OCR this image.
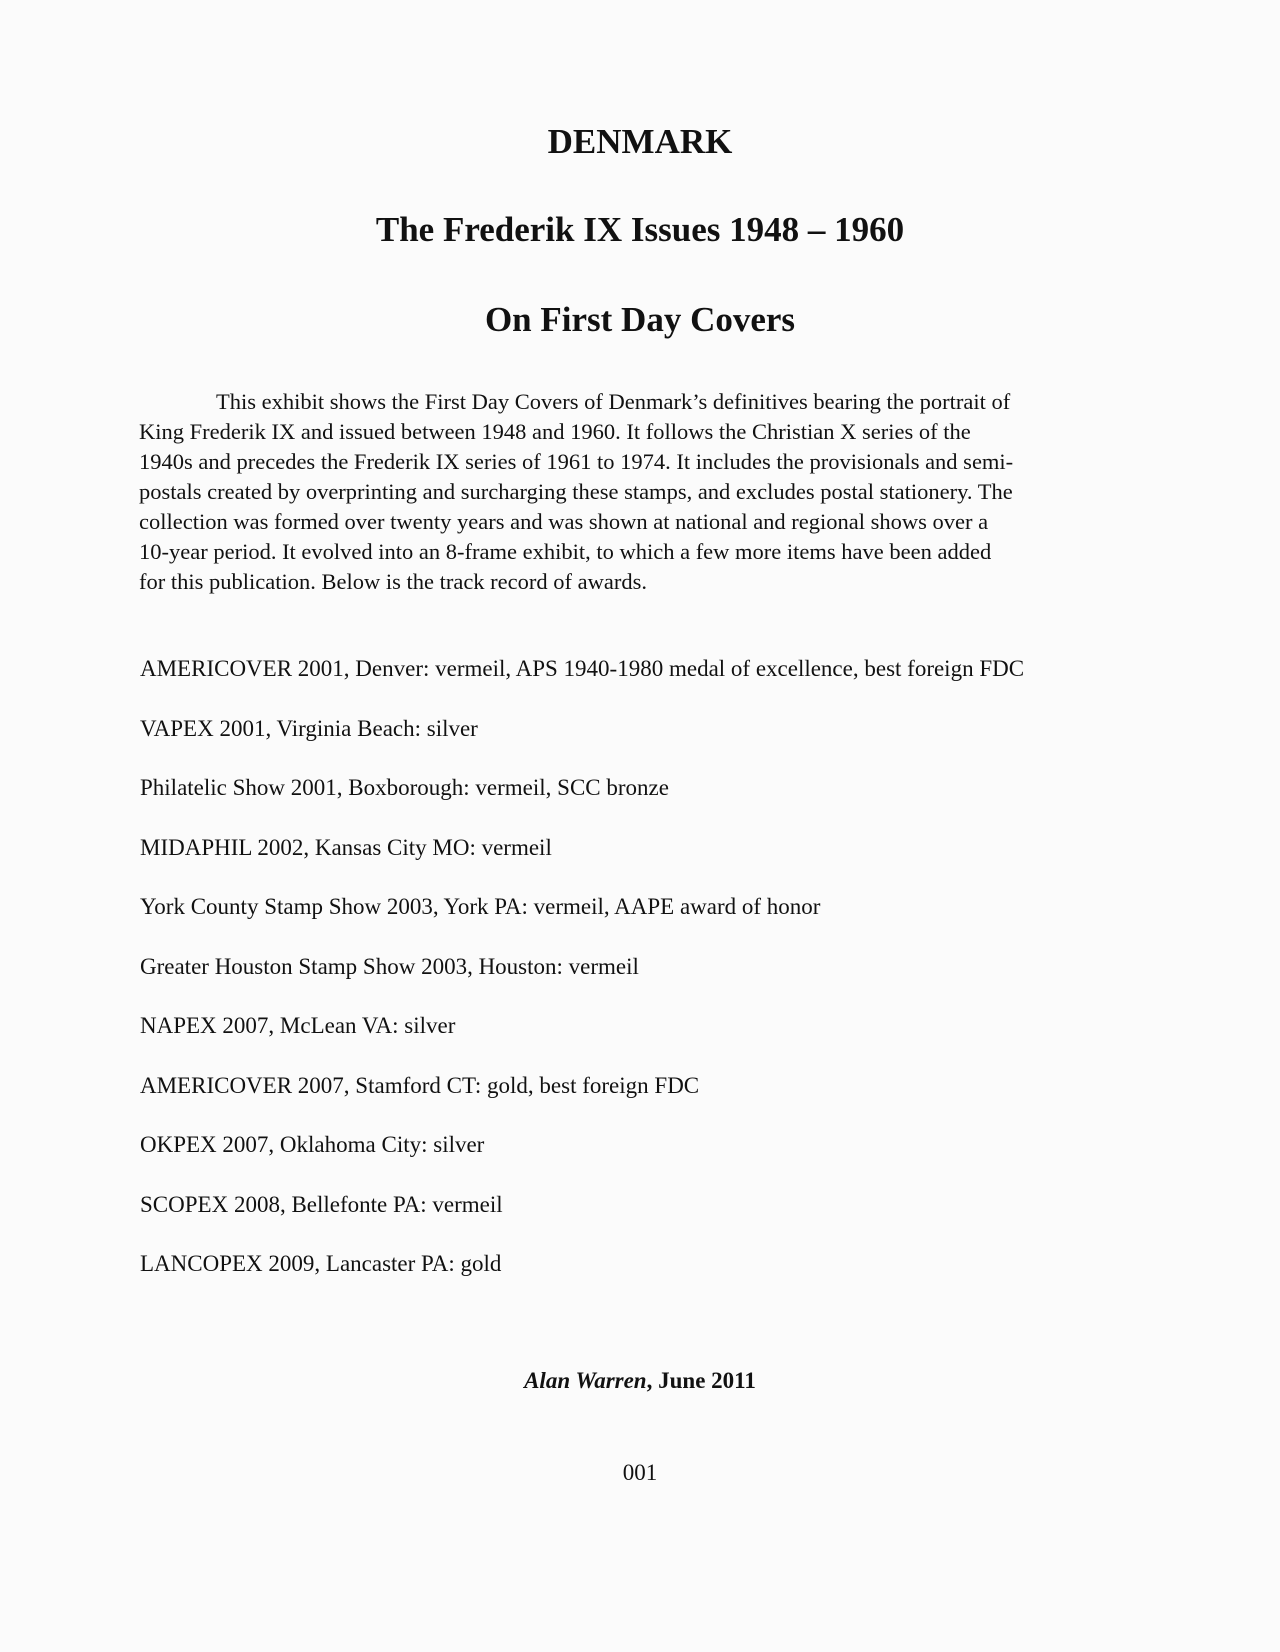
DENMARK
The Frederik IX Issues 1948 – 1960
On First Day Covers
This exhibit shows the First Day Covers of Denmark’s definitives bearing the portrait of
King Frederik IX and issued between 1948 and 1960. It follows the Christian X series of the
1940s and precedes the Frederik IX series of 1961 to 1974. It includes the provisionals and semi-
postals created by overprinting and surcharging these stamps, and excludes postal stationery. The
collection was formed over twenty years and was shown at national and regional shows over a
10-year period. It evolved into an 8-frame exhibit, to which a few more items have been added
for this publication. Below is the track record of awards.
AMERICOVER 2001, Denver: vermeil, APS 1940-1980 medal of excellence, best foreign FDC
VAPEX 2001, Virginia Beach: silver
Philatelic Show 2001, Boxborough: vermeil, SCC bronze
MIDAPHIL 2002, Kansas City MO: vermeil
York County Stamp Show 2003, York PA: vermeil, AAPE award of honor
Greater Houston Stamp Show 2003, Houston: vermeil
NAPEX 2007, McLean VA: silver
AMERICOVER 2007, Stamford CT: gold, best foreign FDC
OKPEX 2007, Oklahoma City: silver
SCOPEX 2008, Bellefonte PA: vermeil
LANCOPEX 2009, Lancaster PA: gold
Alan Warren, June 2011
001
